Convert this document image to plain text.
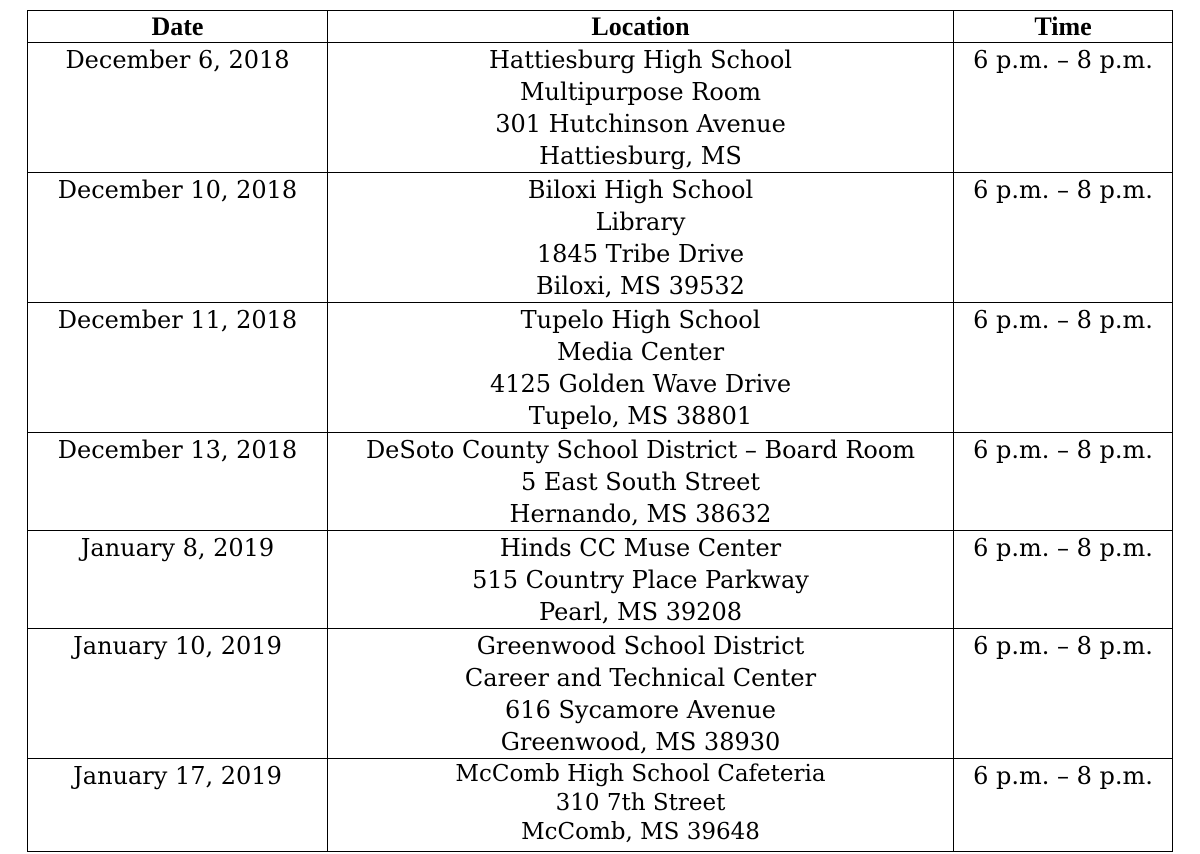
Date	Location	Time

December 6, 2018	Hattiesburg High School
Multipurpose Room
301 Hutchinson Avenue
Hattiesburg, MS	6 p.m. – 8 p.m.

December 10, 2018	Biloxi High School
Library
1845 Tribe Drive
Biloxi, MS 39532	6 p.m. – 8 p.m.

December 11, 2018	Tupelo High School
Media Center
4125 Golden Wave Drive
Tupelo, MS 38801	6 p.m. – 8 p.m.

December 13, 2018	DeSoto County School District – Board Room
5 East South Street
Hernando, MS 38632	6 p.m. – 8 p.m.

January 8, 2019	Hinds CC Muse Center
515 Country Place Parkway
Pearl, MS 39208	6 p.m. – 8 p.m.

January 10, 2019	Greenwood School District
Career and Technical Center
616 Sycamore Avenue
Greenwood, MS 38930	6 p.m. – 8 p.m.

January 17, 2019	McComb High School Cafeteria
310 7th Street
McComb, MS 39648	6 p.m. – 8 p.m.
